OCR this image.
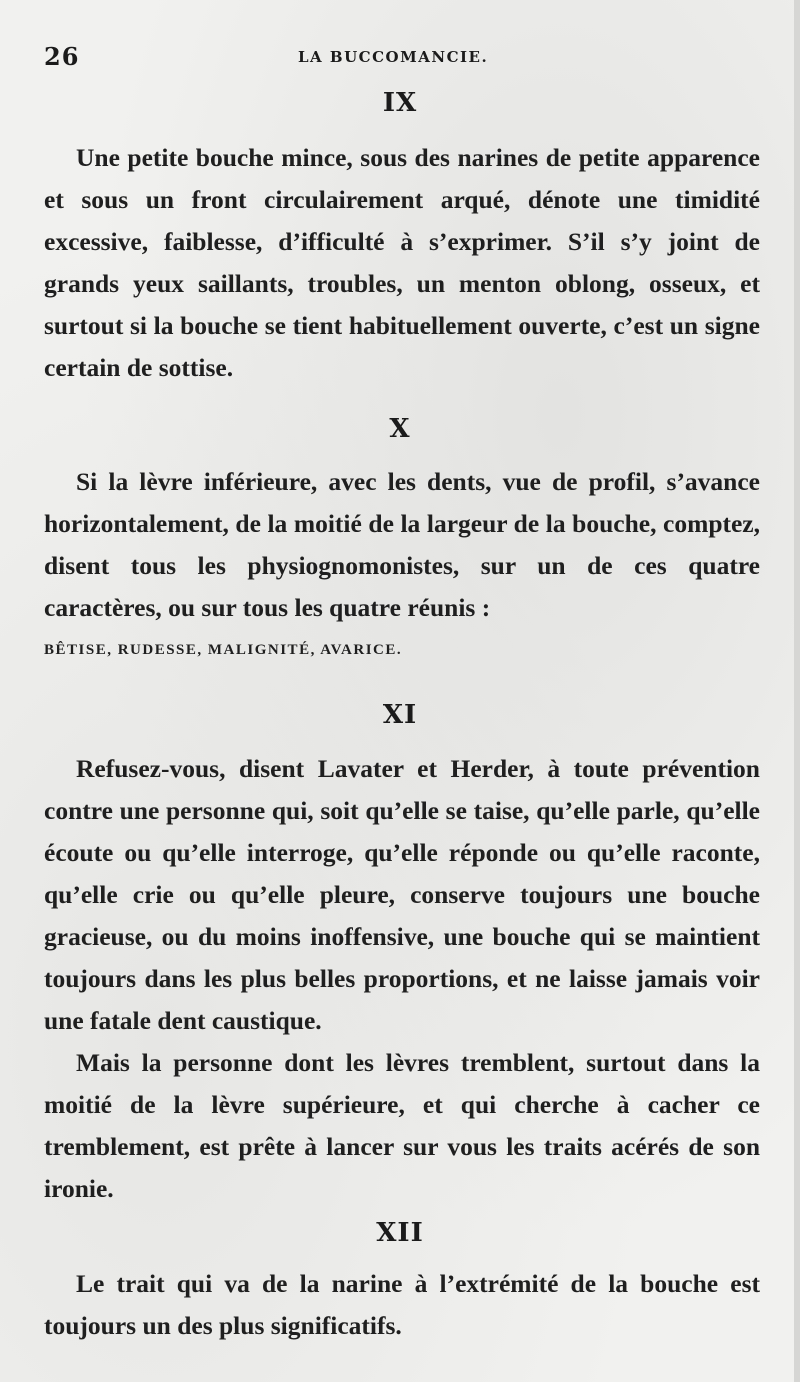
26	LA BUCCOMANCIE.
IX

Une petite bouche mince, sous des narines de petite apparence et sous un front circulairement arqué, dénote une timidité excessive, faiblesse, d’ifficulté à s’exprimer. S’il s’y joint de grands yeux saillants, troubles, un menton oblong, osseux, et surtout si la bouche se tient habituellement ouverte, c’est un signe certain de sottise.

X

Si la lèvre inférieure, avec les dents, vue de profil, s’avance horizontalement, de la moitié de la largeur de la bouche, comptez, disent tous les physiognomonistes, sur un de ces quatre caractères, ou sur tous les quatre réunis :

BÊTISE, RUDESSE, MALIGNITÉ, AVARICE.
XI

Refusez-vous, disent Lavater et Herder, à toute prévention contre une personne qui, soit qu’elle se taise, qu’elle parle, qu’elle écoute ou qu’elle interroge, qu’elle réponde ou qu’elle raconte, qu’elle crie ou qu’elle pleure, conserve toujours une bouche gracieuse, ou du moins inoffensive, une bouche qui se maintient toujours dans les plus belles proportions, et ne laisse jamais voir une fatale dent caustique.

Mais la personne dont les lèvres tremblent, surtout dans la moitié de la lèvre supérieure, et qui cherche à cacher ce tremblement, est prête à lancer sur vous les traits acérés de son ironie.

XII

Le trait qui va de la narine à l’extrémité de la bouche est toujours un des plus significatifs.
